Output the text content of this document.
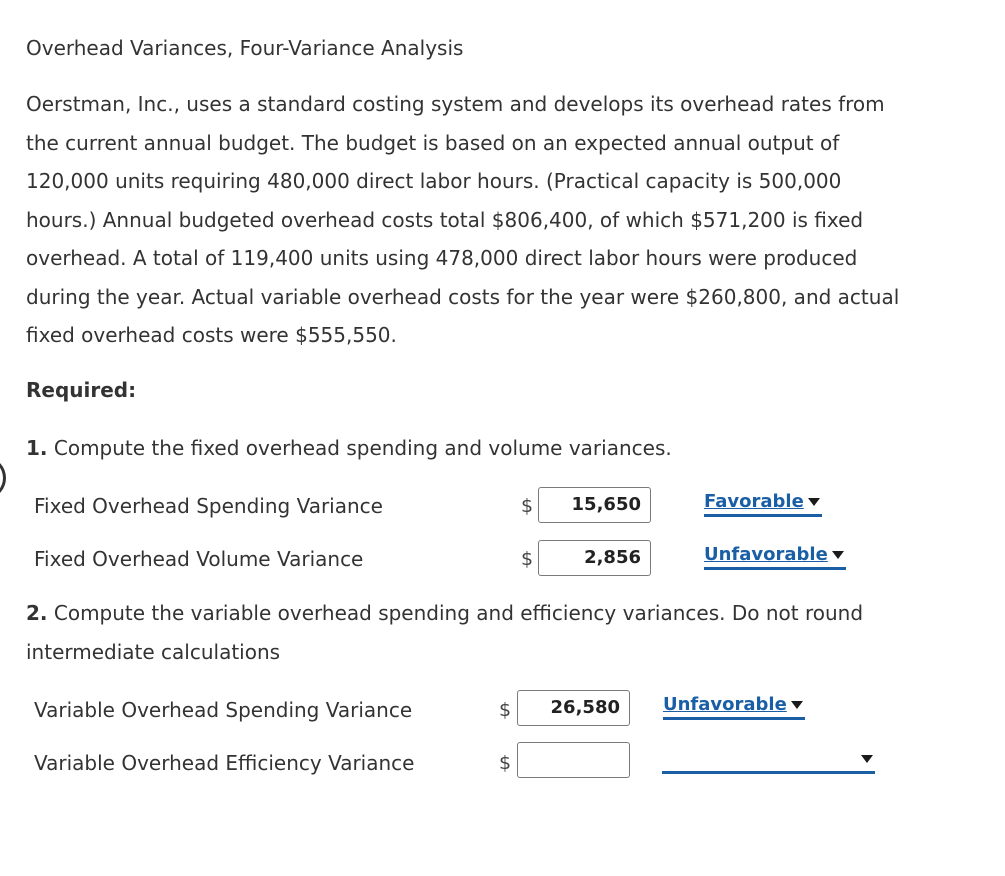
Overhead Variances, Four-Variance Analysis
Oerstman, Inc., uses a standard costing system and develops its overhead rates from
the current annual budget. The budget is based on an expected annual output of
120,000 units requiring 480,000 direct labor hours. (Practical capacity is 500,000
hours.) Annual budgeted overhead costs total $806,400, of which $571,200 is fixed
overhead. A total of 119,400 units using 478,000 direct labor hours were produced
during the year. Actual variable overhead costs for the year were $260,800, and actual
fixed overhead costs were $555,550.
Required:
1. Compute the fixed overhead spending and volume variances.
Fixed Overhead Spending Variance	$	15,650	Favorable
Fixed Overhead Volume Variance	$	2,856	Unfavorable
2. Compute the variable overhead spending and efficiency variances. Do not round
intermediate calculations
Variable Overhead Spending Variance	$	26,580	Unfavorable
Variable Overhead Efficiency Variance	$
